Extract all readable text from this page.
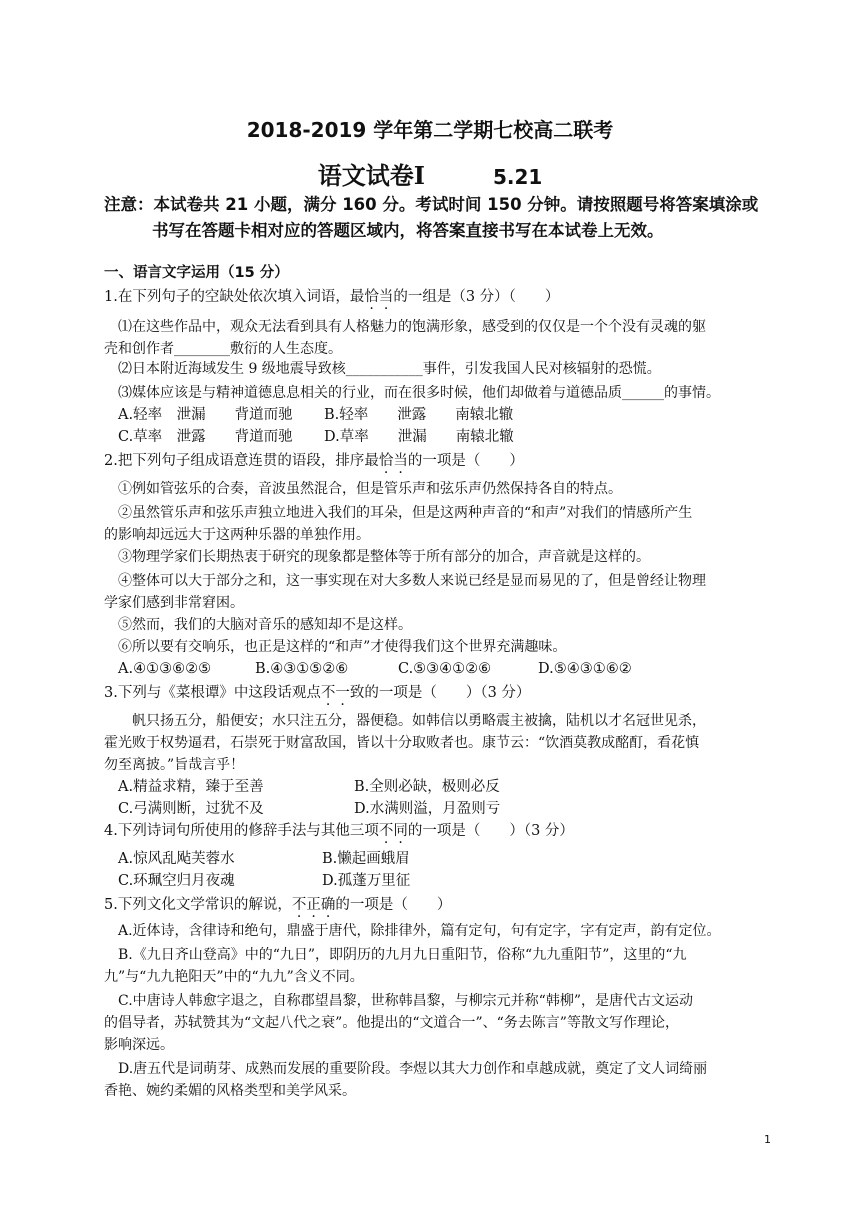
2018-2019 学年第二学期七校高二联考
语文试卷Ⅰ	5.21
注意：本试卷共 21 小题，满分 160 分。考试时间 150 分钟。请按照题号将答案填涂或
书写在答题卡相对应的答题区域内，将答案直接书写在本试卷上无效。
一、语言文字运用（15 分）
1.在下列句子的空缺处依次填入词语，最恰当的一组是（3 分）（　　）
⑴在这些作品中，观众无法看到具有人格魅力的饱满形象，感受到的仅仅是一个个没有灵魂的躯
壳和创作者________敷衍的人生态度。
⑵日本附近海域发生 9 级地震导致核___________事件，引发我国人民对核辐射的恐慌。
⑶媒体应该是与精神道德息息相关的行业，而在很多时候，他们却做着与道德品质______的事情。
A.轻率　泄漏　　背道而驰 B.轻率　　泄露　　南辕北辙
C.草率　泄露　　背道而驰 D.草率　　泄漏　　南辕北辙
2.把下列句子组成语意连贯的语段，排序最恰当的一项是（　　）
①例如管弦乐的合奏，音波虽然混合，但是管乐声和弦乐声仍然保持各自的特点。
②虽然管乐声和弦乐声独立地进入我们的耳朵，但是这两种声音的“和声”对我们的情感所产生
的影响却远远大于这两种乐器的单独作用。
③物理学家们长期热衷于研究的现象都是整体等于所有部分的加合，声音就是这样的。
④整体可以大于部分之和，这一事实现在对大多数人来说已经是显而易见的了，但是曾经让物理
学家们感到非常窘困。
⑤然而，我们的大脑对音乐的感知却不是这样。
⑥所以要有交响乐，也正是这样的“和声”才使得我们这个世界充满趣味。
A.④①③⑥②⑤	B.④③①⑤②⑥	C.⑤③④①②⑥	D.⑤④③①⑥②
3.下列与《菜根谭》中这段话观点不一致的一项是（　　）（3 分）
帆只扬五分，船便安；水只注五分，器便稳。如韩信以勇略震主被擒，陆机以才名冠世见杀，
霍光败于权势逼君，石崇死于财富敌国，皆以十分取败者也。康节云：“饮酒莫教成酩酊，看花慎
勿至离披。”旨哉言乎！
A.精益求精，臻于至善	B.全则必缺，极则必反
C.弓满则断，过犹不及	D.水满则溢，月盈则亏
4.下列诗词句所使用的修辞手法与其他三项不同的一项是（　　）（3 分）
A.惊风乱飐芙蓉水	B.懒起画蛾眉
C.环珮空归月夜魂	D.孤蓬万里征
5.下列文化文学常识的解说，不正确的一项是（　　）
A.近体诗，含律诗和绝句，鼎盛于唐代，除排律外，篇有定句，句有定字，字有定声，韵有定位。
B.《九日齐山登高》中的“九日”，即阴历的九月九日重阳节，俗称“九九重阳节”，这里的“九
九”与“九九艳阳天”中的“九九”含义不同。
C.中唐诗人韩愈字退之，自称郡望昌黎，世称韩昌黎，与柳宗元并称“韩柳”，是唐代古文运动
的倡导者，苏轼赞其为“文起八代之衰”。他提出的“文道合一”、“务去陈言”等散文写作理论，
影响深远。
D.唐五代是词萌芽、成熟而发展的重要阶段。李煜以其大力创作和卓越成就，奠定了文人词绮丽
香艳、婉约柔媚的风格类型和美学风采。
1
